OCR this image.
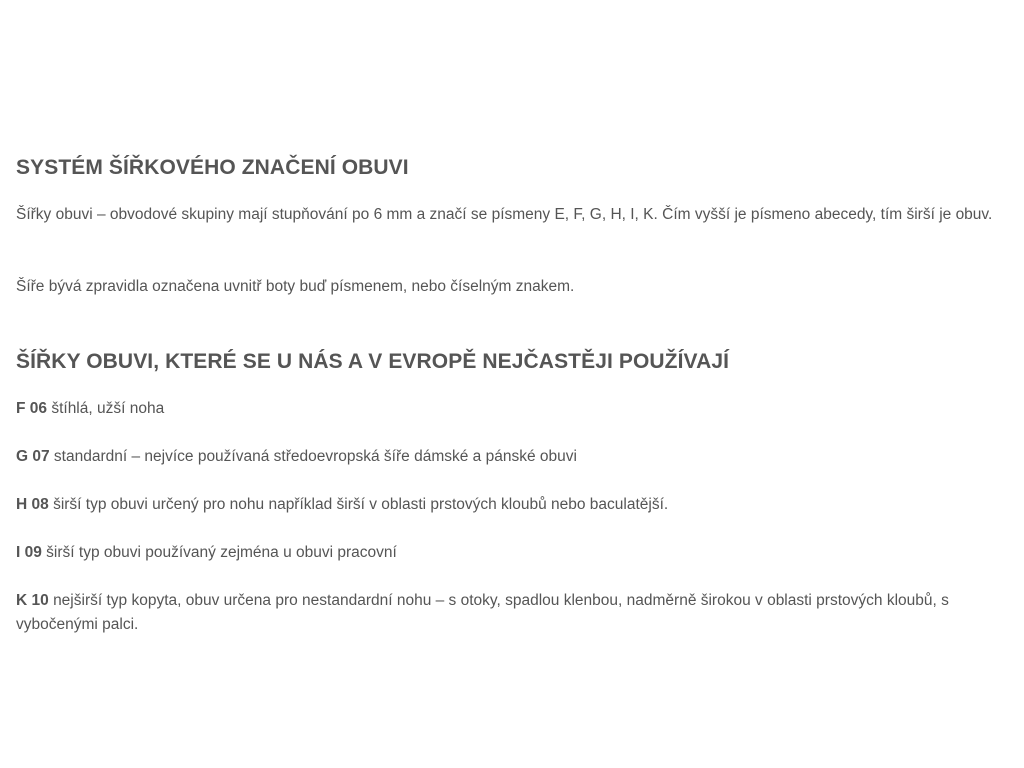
SYSTÉM ŠÍŘKOVÉHO ZNAČENÍ OBUVI

Šířky obuvi – obvodové skupiny mají stupňování po 6 mm a značí se písmeny E, F, G, H, I, K. Čím vyšší je písmeno abecedy, tím širší je obuv.

Šíře bývá zpravidla označena uvnitř boty buď písmenem, nebo číselným znakem.

ŠÍŘKY OBUVI, KTERÉ SE U NÁS A V EVROPĚ NEJČASTĚJI POUŽÍVAJÍ

F 06 štíhlá, užší noha

G 07 standardní – nejvíce používaná středoevropská šíře dámské a pánské obuvi

H 08 širší typ obuvi určený pro nohu například širší v oblasti prstových kloubů nebo baculatější.

I 09 širší typ obuvi používaný zejména u obuvi pracovní

K 10 nejširší typ kopyta, obuv určena pro nestandardní nohu – s otoky, spadlou klenbou, nadměrně širokou v oblasti prstových kloubů, s vybočenými palci.
